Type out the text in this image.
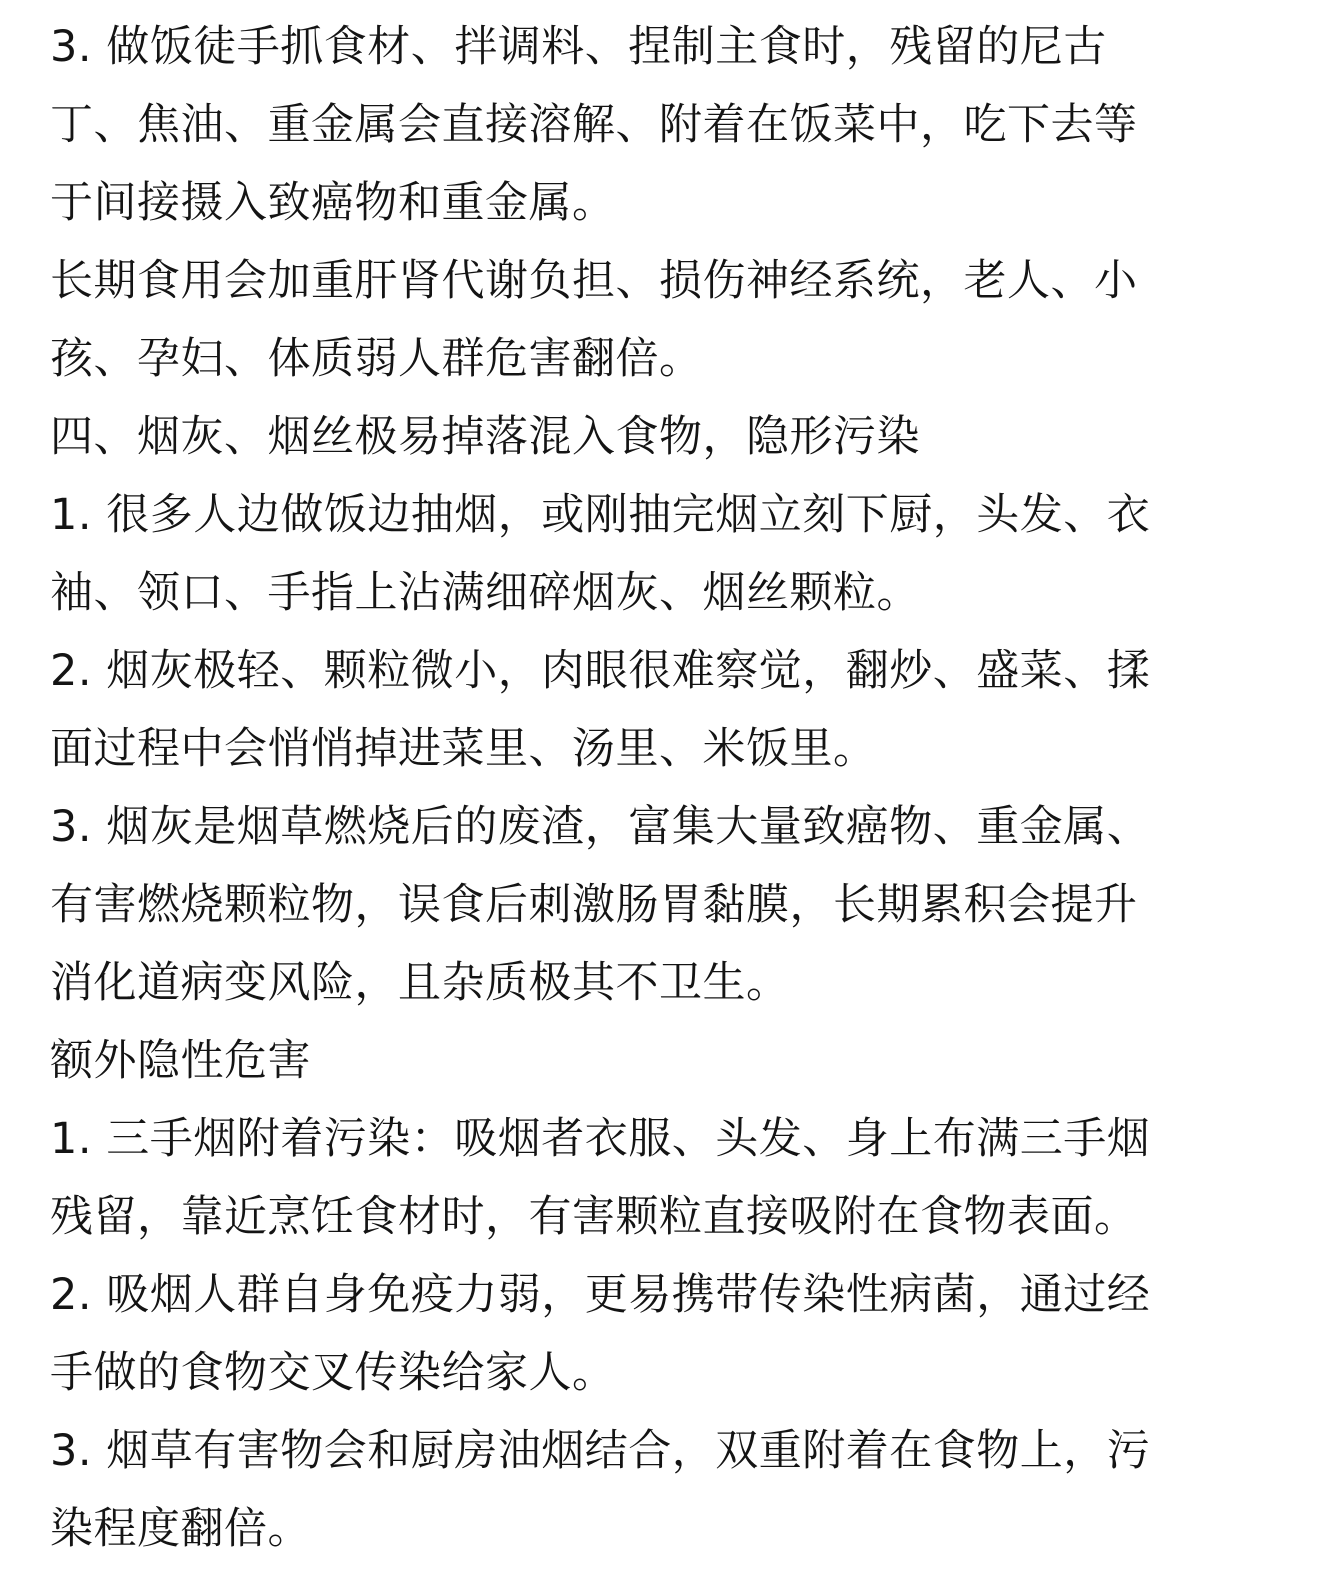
3. 做饭徒手抓食材、拌调料、捏制主食时，残留的尼古
丁、焦油、重金属会直接溶解、附着在饭菜中，吃下去等
于间接摄入致癌物和重金属。
长期食用会加重肝肾代谢负担、损伤神经系统，老人、小
孩、孕妇、体质弱人群危害翻倍。
四、烟灰、烟丝极易掉落混入食物，隐形污染
1. 很多人边做饭边抽烟，或刚抽完烟立刻下厨，头发、衣
袖、领口、手指上沾满细碎烟灰、烟丝颗粒。
2. 烟灰极轻、颗粒微小，肉眼很难察觉，翻炒、盛菜、揉
面过程中会悄悄掉进菜里、汤里、米饭里。
3. 烟灰是烟草燃烧后的废渣，富集大量致癌物、重金属、
有害燃烧颗粒物，误食后刺激肠胃黏膜，长期累积会提升
消化道病变风险，且杂质极其不卫生。
额外隐性危害
1. 三手烟附着污染：吸烟者衣服、头发、身上布满三手烟
残留，靠近烹饪食材时，有害颗粒直接吸附在食物表面。
2. 吸烟人群自身免疫力弱，更易携带传染性病菌，通过经
手做的食物交叉传染给家人。
3. 烟草有害物会和厨房油烟结合，双重附着在食物上，污
染程度翻倍。
